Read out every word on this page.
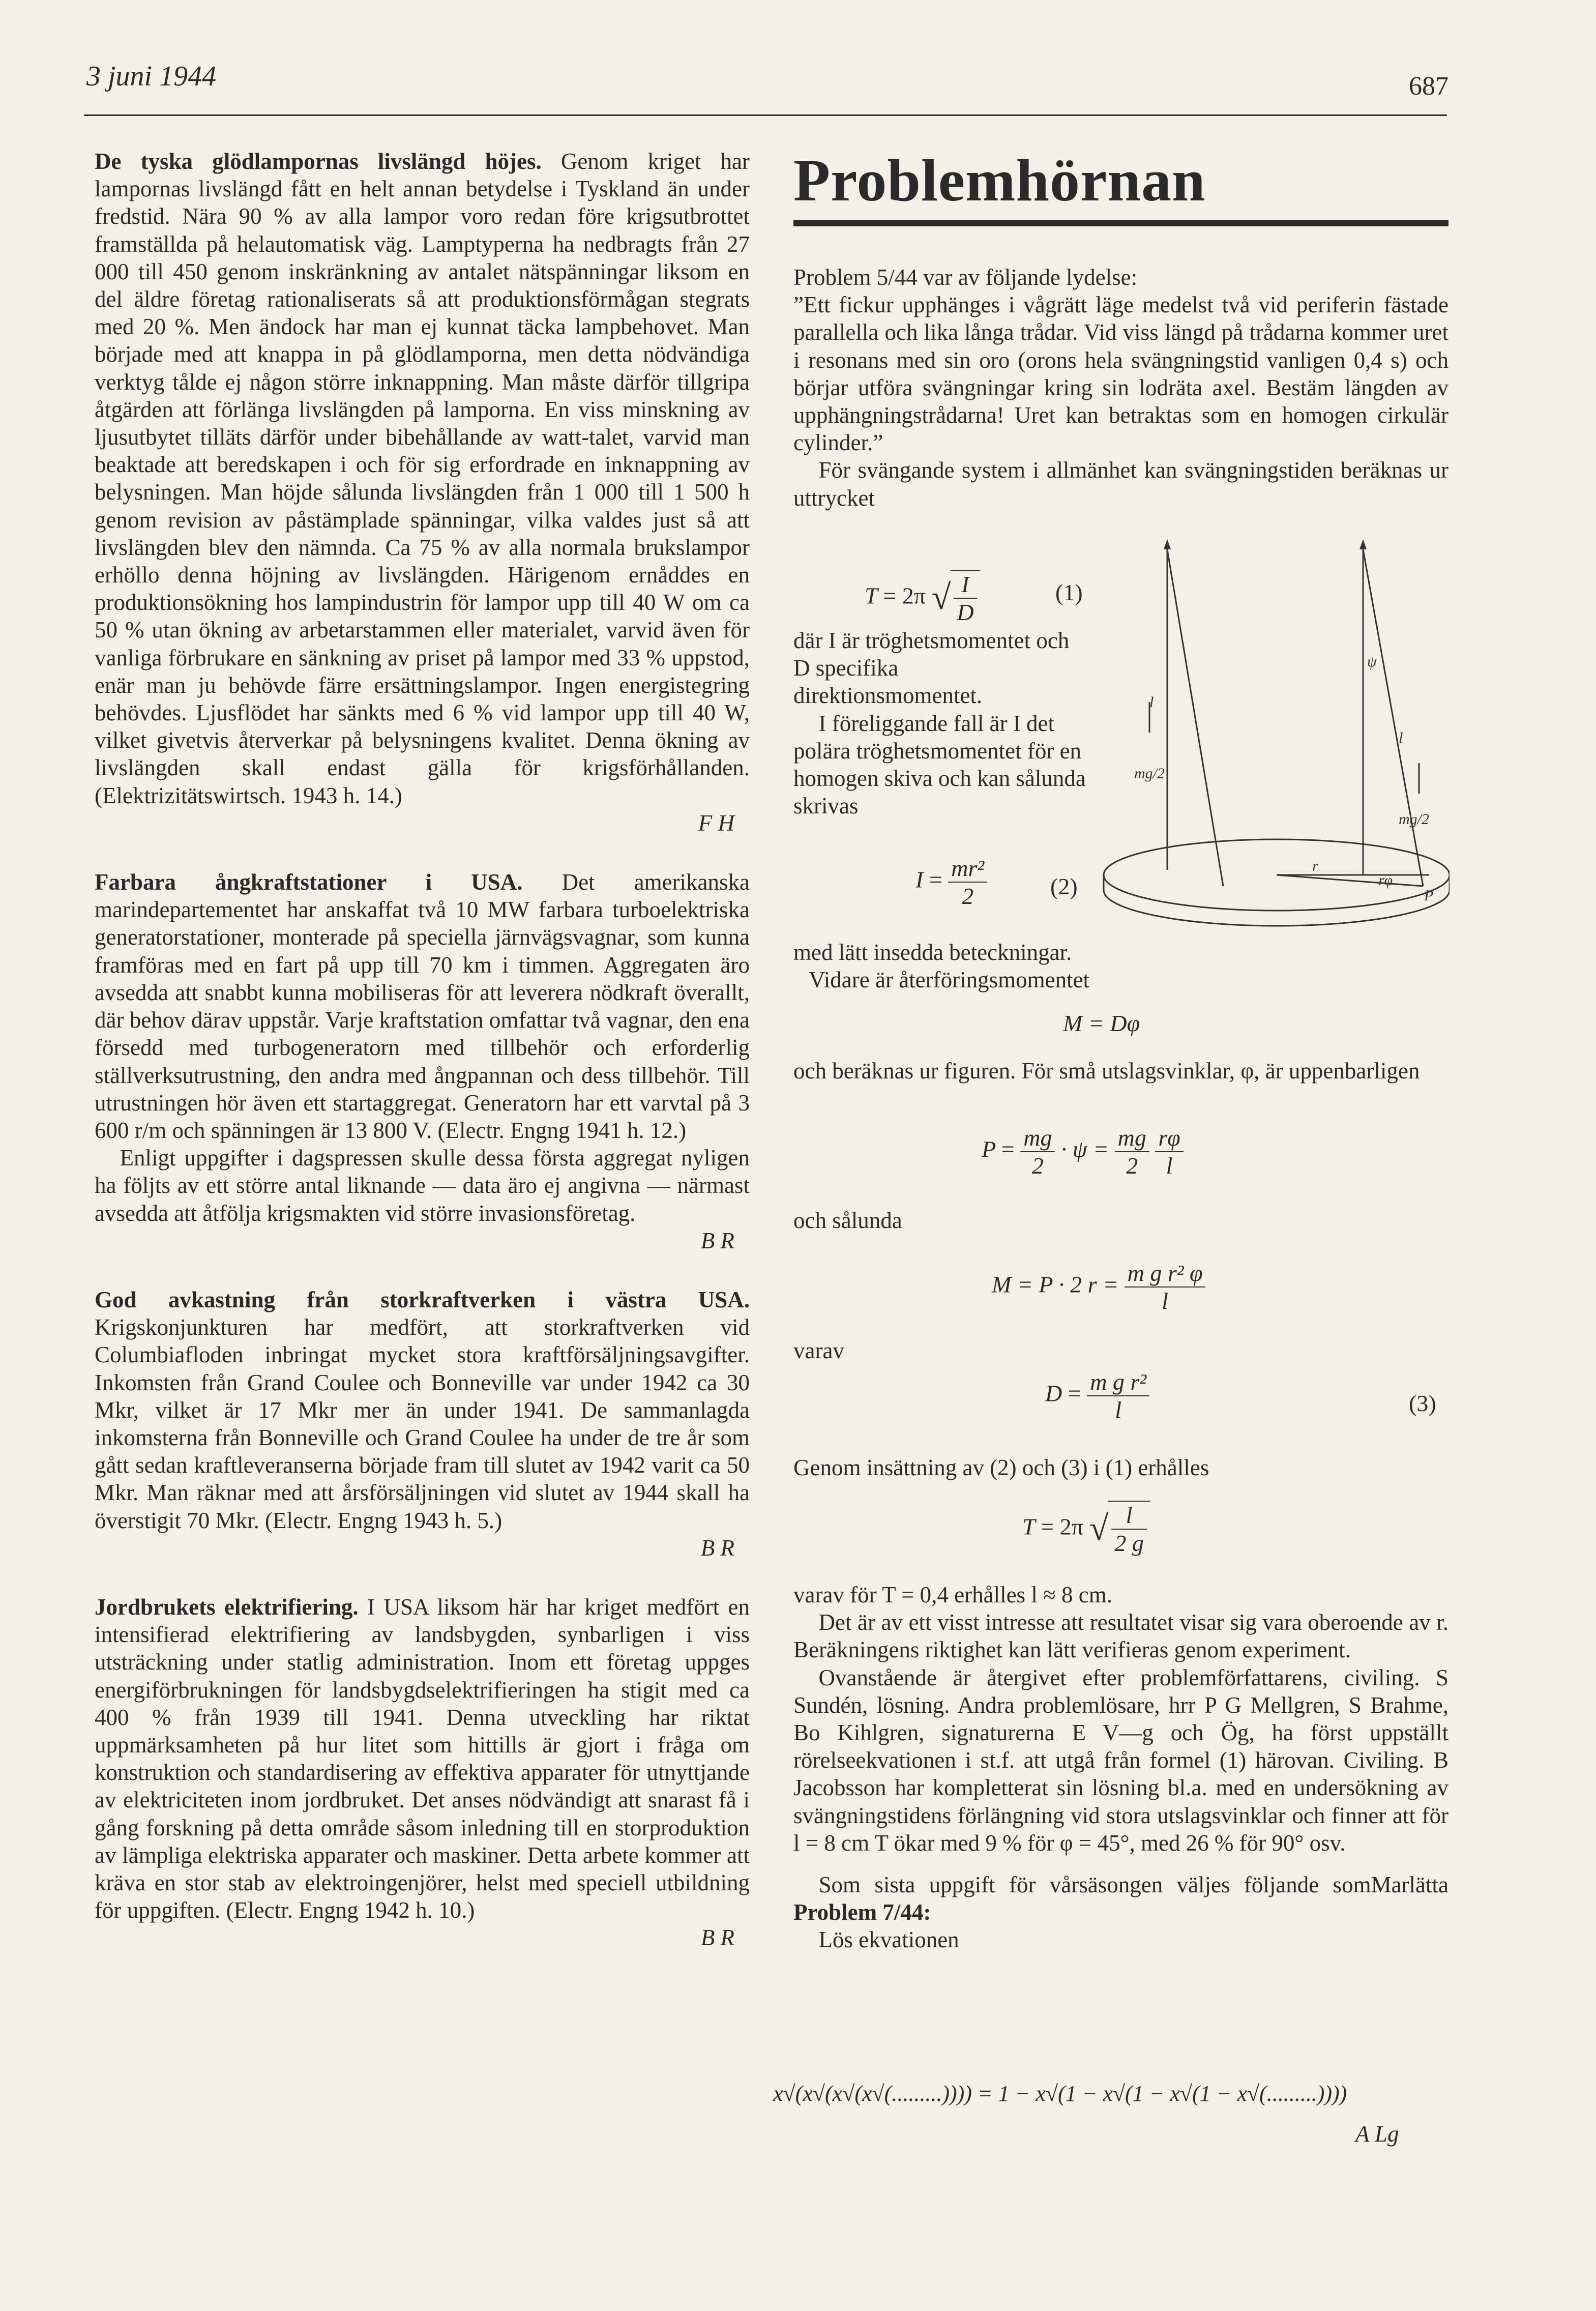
3 juni 1944	687

De tyska glödlampornas livslängd höjes. Genom kriget har lampornas livslängd fått en helt annan betydelse i Tyskland än under fredstid. Nära 90 % av alla lampor voro redan före krigsutbrottet framställda på helautomatisk väg. Lamptyperna ha nedbragts från 27 000 till 450 genom inskränkning av antalet nätspänningar liksom en del äldre företag rationaliserats så att produktionsförmågan stegrats med 20 %. Men ändock har man ej kunnat täcka lampbehovet. Man började med att knappa in på glödlamporna, men detta nödvändiga verktyg tålde ej någon större inknappning. Man måste därför tillgripa åtgärden att förlänga livslängden på lamporna. En viss minskning av ljusutbytet tilläts därför under bibehållande av watt-talet, varvid man beaktade att beredskapen i och för sig erfordrade en inknappning av belysningen. Man höjde sålunda livslängden från 1 000 till 1 500 h genom revision av påstämplade spänningar, vilka valdes just så att livslängden blev den nämnda. Ca 75 % av alla normala brukslampor erhöllo denna höjning av livslängden. Härigenom ernåddes en produktionsökning hos lampindustrin för lampor upp till 40 W om ca 50 % utan ökning av arbetarstammen eller materialet, varvid även för vanliga förbrukare en sänkning av priset på lampor med 33 % uppstod, enär man ju behövde färre ersättningslampor. Ingen energistegring behövdes. Ljusflödet har sänkts med 6 % vid lampor upp till 40 W, vilket givetvis återverkar på belysningens kvalitet. Denna ökning av livslängden skall endast gälla för krigsförhållanden. (Elektrizitätswirtsch. 1943 h. 14.)

F H

Farbara ångkraftstationer i USA. Det amerikanska marindepartementet har anskaffat två 10 MW farbara turboelektriska generatorstationer, monterade på speciella järnvägsvagnar, som kunna framföras med en fart på upp till 70 km i timmen. Aggregaten äro avsedda att snabbt kunna mobiliseras för att leverera nödkraft överallt, där behov därav uppstår. Varje kraftstation omfattar två vagnar, den ena försedd med turbogeneratorn med tillbehör och erforderlig ställverksutrustning, den andra med ångpannan och dess tillbehör. Till utrustningen hör även ett startaggregat. Generatorn har ett varvtal på 3 600 r/m och spänningen är 13 800 V. (Electr. Engng 1941 h. 12.)

Enligt uppgifter i dagspressen skulle dessa första aggregat nyligen ha följts av ett större antal liknande — data äro ej angivna — närmast avsedda att åtfölja krigsmakten vid större invasionsföretag.

B R

God avkastning från storkraftverken i västra USA. Krigskonjunkturen har medfört, att storkraftverken vid Columbiafloden inbringat mycket stora kraftförsäljningsavgifter. Inkomsten från Grand Coulee och Bonneville var under 1942 ca 30 Mkr, vilket är 17 Mkr mer än under 1941. De sammanlagda inkomsterna från Bonneville och Grand Coulee ha under de tre år som gått sedan kraftleveranserna började fram till slutet av 1942 varit ca 50 Mkr. Man räknar med att årsförsäljningen vid slutet av 1944 skall ha överstigit 70 Mkr. (Electr. Engng 1943 h. 5.)

B R

Jordbrukets elektrifiering. I USA liksom här har kriget medfört en intensifierad elektrifiering av landsbygden, synbarligen i viss utsträckning under statlig administration. Inom ett företag uppges energiförbrukningen för landsbygdselektrifieringen ha stigit med ca 400 % från 1939 till 1941. Denna utveckling har riktat uppmärksamheten på hur litet som hittills är gjort i fråga om konstruktion och standardisering av effektiva apparater för utnyttjande av elektriciteten inom jordbruket. Det anses nödvändigt att snarast få i gång forskning på detta område såsom inledning till en storproduktion av lämpliga elektriska apparater och maskiner. Detta arbete kommer att kräva en stor stab av elektroingenjörer, helst med speciell utbildning för uppgiften. (Electr. Engng 1942 h. 10.)

B R

Problemhörnan

Problem 5/44 var av följande lydelse:

”Ett fickur upphänges i vågrätt läge medelst två vid periferin fästade parallella och lika långa trådar. Vid viss längd på trådarna kommer uret i resonans med sin oro (orons hela svängningstid vanligen 0,4 s) och börjar utföra svängningar kring sin lodräta axel. Bestäm längden av upphängningstrådarna! Uret kan betraktas som en homogen cirkulär cylinder.”

För svängande system i allmänhet kan svängningstiden beräknas ur uttrycket

T = 2π √ $\frac{I}{D}$	(1)

där I är tröghetsmomentet och D specifika direktionsmomentet.

I föreliggande fall är I det polära tröghetsmomentet för en homogen skiva och kan sålunda skrivas

$I = \frac{\text{mr²}}{2}$	(2)
l
l
mg/2
mg/2
ψ
r
rφ
P
med lätt insedda beteckningar.
Vidare är återföringsmomentet
M = Dφ
och beräknas ur figuren. För små utslagsvinklar, φ, är uppenbarligen
$P = \frac{mg}{2} \cdot \psi = \frac{mg}{2}$
$\frac{r\varphi}{l}$
och sålunda
M = P · 2 $r = \frac{\text{m g r² φ}}{l}$
varav
$D = \frac{\text{m g r²}}{l}$	(3)
Genom insättning av (2) och (3) i (1) erhålles
T = 2π √ $\frac{l}{2 g}$

varav för T = 0,4 erhålles l ≈ 8 cm.

Det är av ett visst intresse att resultatet visar sig vara oberoende av r. Beräkningens riktighet kan lätt verifieras genom experiment.

Ovanstående är återgivet efter problemförfattarens, civiling. S Sundén, lösning. Andra problemlösare, hrr P G Mellgren, S Brahme, Bo Kihlgren, signaturerna E V—g och Ög, ha först uppställt rörelseekvationen i st.f. att utgå från formel (1) härovan. Civiling. B Jacobsson har kompletterat sin lösning bl.a. med en undersökning av svängningstidens förlängning vid stora utslagsvinklar och finner att för l = 8 cm T ökar med 9 % för φ = 45°, med 26 % för 90° osv.

Som sista uppgift för vårsäsongen väljes följande somMarlätta Problem 7/44:

Lös ekvationen

x√(x√(x√(x√(.........)))) = 1 − x√(1 − x√(1 − x√(1 − x√(.........))))
A Lg
